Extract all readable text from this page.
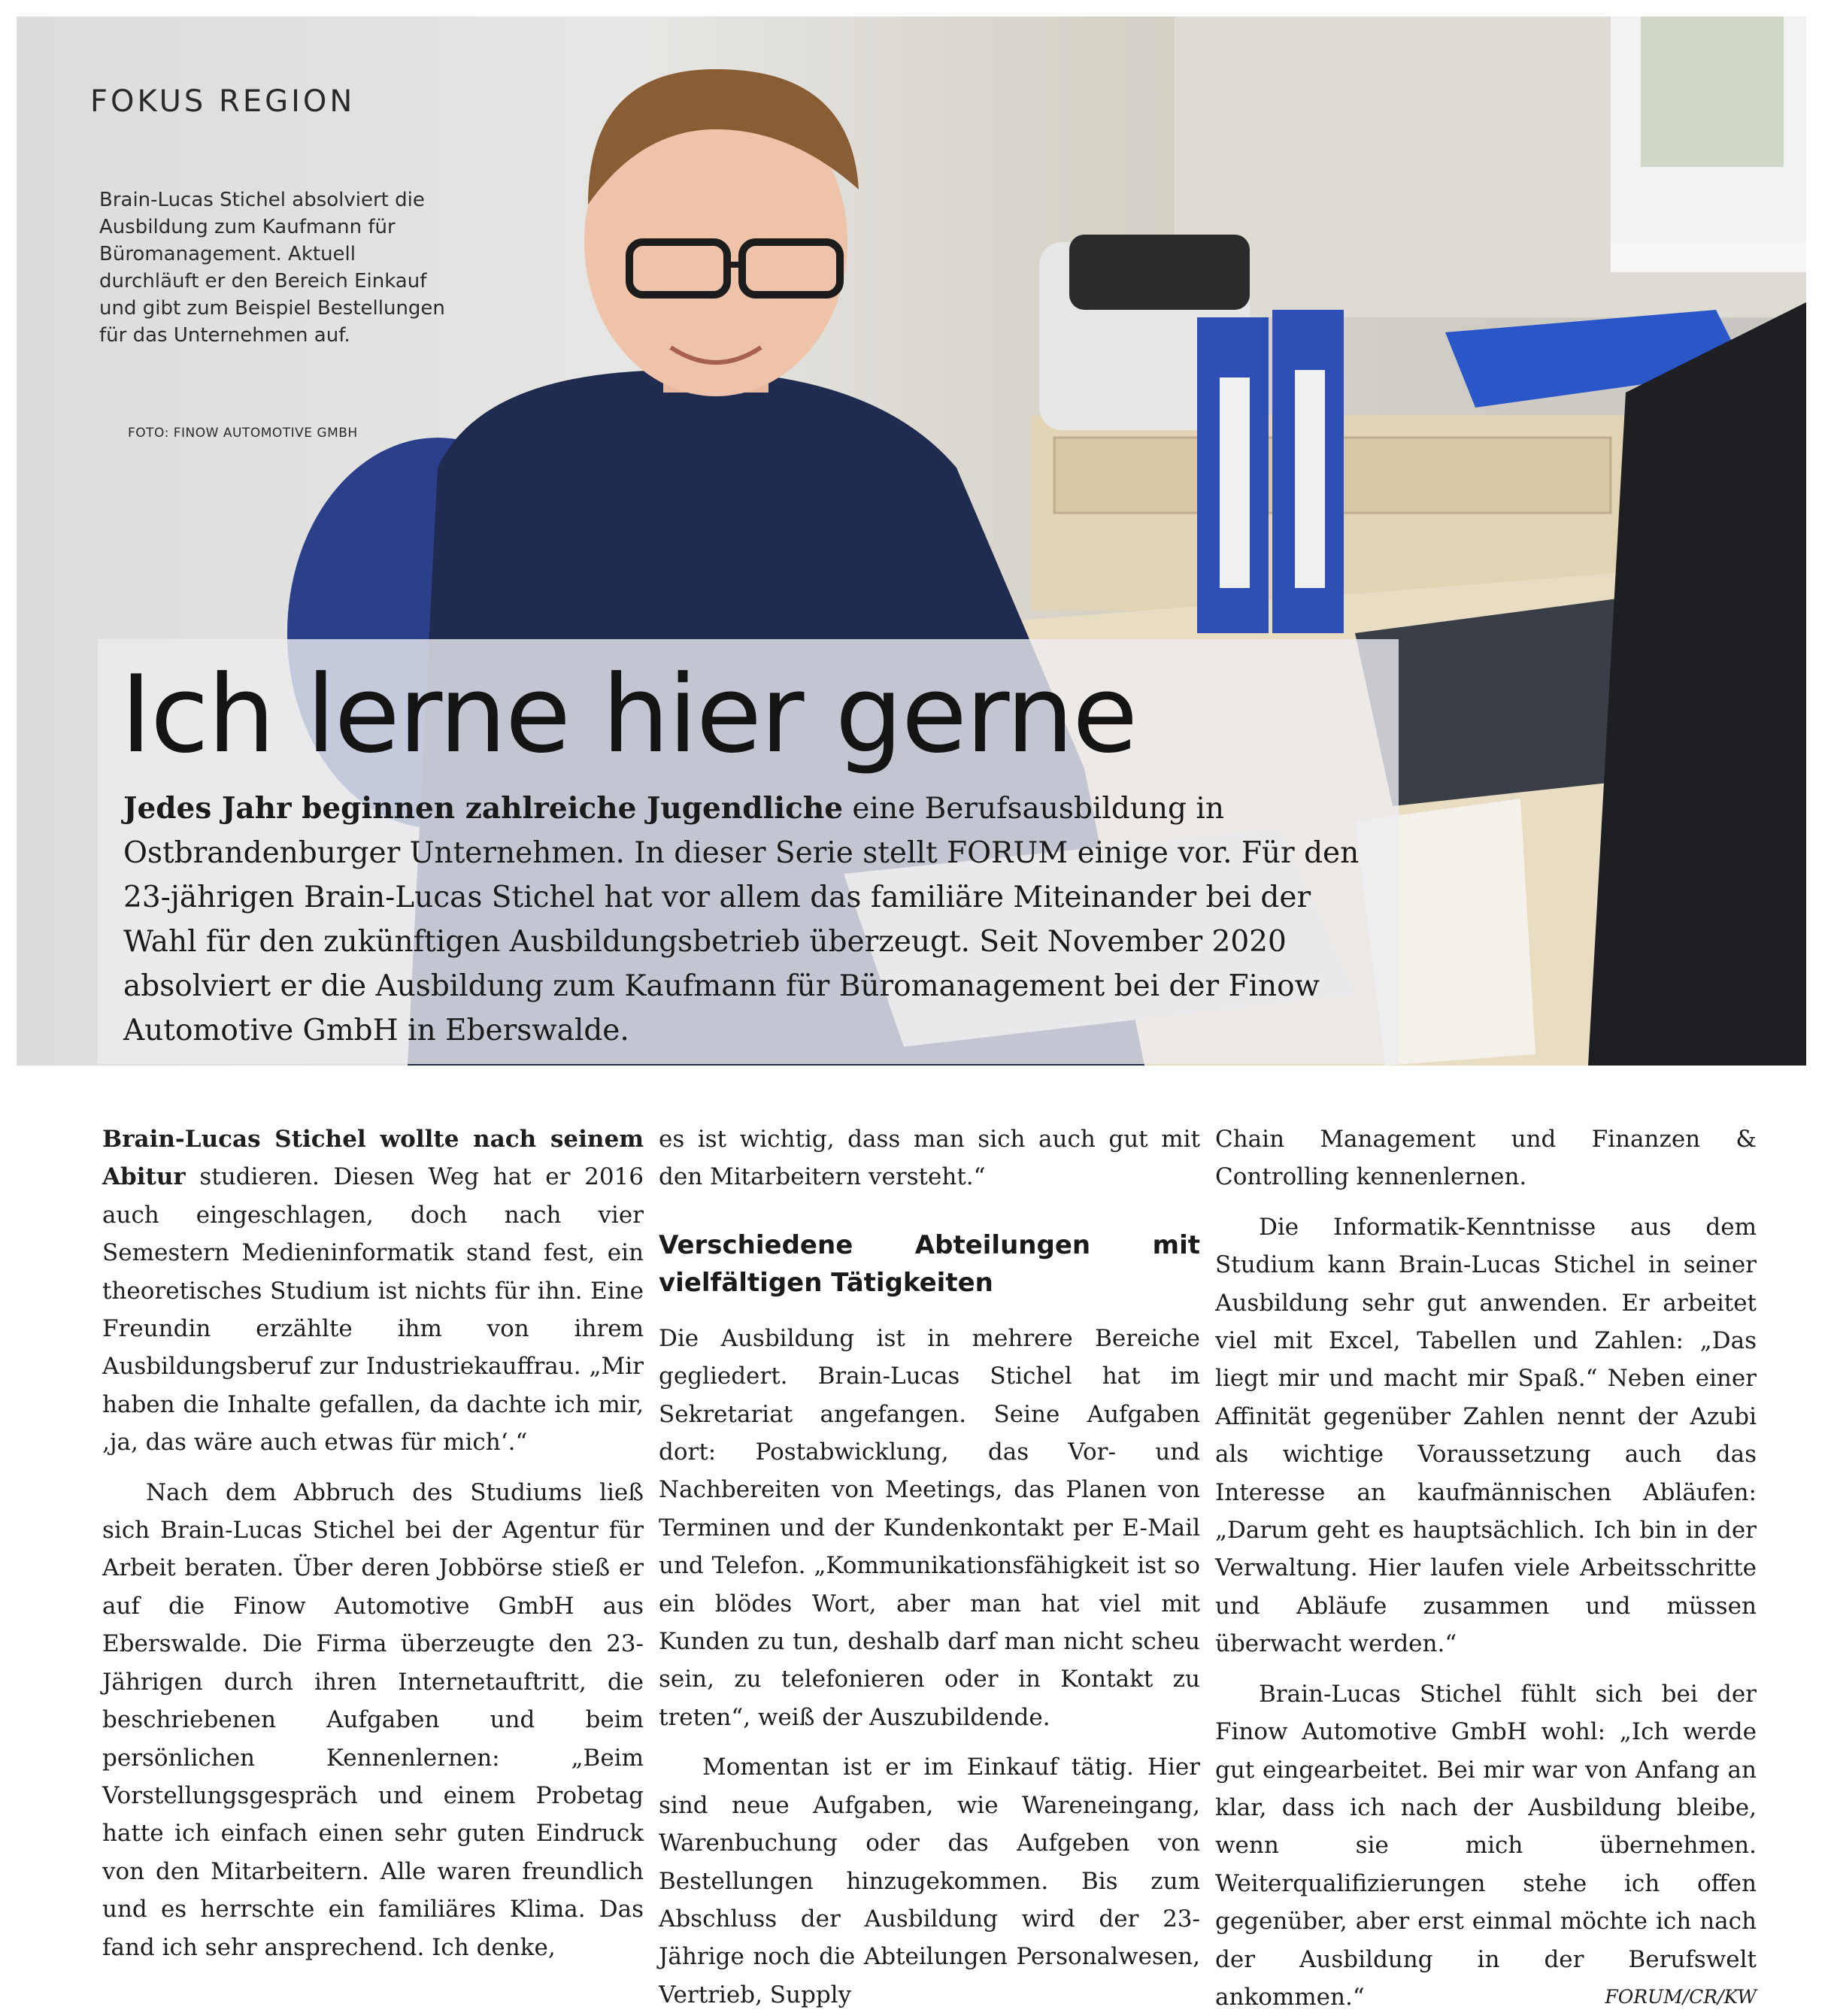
FOKUS REGION
Brain-Lucas Stichel absolviert die Ausbildung zum Kaufmann für Büromanagement. Aktuell durchläuft er den Bereich Einkauf und gibt zum Beispiel Bestellungen für das Unternehmen auf.
FOTO: FINOW AUTOMOTIVE GMBH
Ich lerne hier gerne
Jedes Jahr beginnen zahlreiche Jugendliche eine Berufsausbildung in Ostbrandenburger Unternehmen. In dieser Serie stellt FORUM einige vor. Für den 23-jährigen Brain-Lucas Stichel hat vor allem das familiäre Miteinander bei der Wahl für den zukünftigen Ausbildungsbetrieb überzeugt. Seit November 2020 absolviert er die Ausbildung zum Kaufmann für Büromanagement bei der Finow Automotive GmbH in Eberswalde.

Brain-Lucas Stichel wollte nach seinem Abitur studieren. Diesen Weg hat er 2016 auch eingeschlagen, doch nach vier Semestern Medieninformatik stand fest, ein theoretisches Studium ist nichts für ihn. Eine Freundin erzählte ihm von ihrem Ausbildungsberuf zur Industriekauffrau. „Mir haben die Inhalte gefallen, da dachte ich mir, ‚ja, das wäre auch etwas für mich‘.“

Nach dem Abbruch des Studiums ließ sich Brain-Lucas Stichel bei der Agentur für Arbeit beraten. Über deren Jobbörse stieß er auf die Finow Automotive GmbH aus Eberswalde. Die Firma überzeugte den 23-Jährigen durch ihren Internetauftritt, die beschriebenen Aufgaben und beim persönlichen Kennenlernen: „Beim Vorstellungsgespräch und einem Probetag hatte ich einfach einen sehr guten Eindruck von den Mitarbeitern. Alle waren freundlich und es herrschte ein familiäres Klima. Das fand ich sehr ansprechend. Ich denke,

es ist wichtig, dass man sich auch gut mit den Mitarbeitern versteht.“

Verschiedene Abteilungen mit vielfältigen Tätigkeiten

Die Ausbildung ist in mehrere Bereiche gegliedert. Brain-Lucas Stichel hat im Sekretariat angefangen. Seine Aufgaben dort: Postabwicklung, das Vor- und Nachbereiten von Meetings, das Planen von Terminen und der Kundenkontakt per E-Mail und Telefon. „Kommunikationsfähigkeit ist so ein blödes Wort, aber man hat viel mit Kunden zu tun, deshalb darf man nicht scheu sein, zu telefonieren oder in Kontakt zu treten“, weiß der Auszubildende.

Momentan ist er im Einkauf tätig. Hier sind neue Aufgaben, wie Wareneingang, Warenbuchung oder das Aufgeben von Bestellungen hinzugekommen. Bis zum Abschluss der Ausbildung wird der 23-Jährige noch die Abteilungen Personalwesen, Vertrieb, Supply

Chain Management und Finanzen & Controlling kennenlernen.

Die Informatik-Kenntnisse aus dem Studium kann Brain-Lucas Stichel in seiner Ausbildung sehr gut anwenden. Er arbeitet viel mit Excel, Tabellen und Zahlen: „Das liegt mir und macht mir Spaß.“ Neben einer Affinität gegenüber Zahlen nennt der Azubi als wichtige Voraussetzung auch das Interesse an kaufmännischen Abläufen: „Darum geht es hauptsächlich. Ich bin in der Verwaltung. Hier laufen viele Arbeitsschritte und Abläufe zusammen und müssen überwacht werden.“

Brain-Lucas Stichel fühlt sich bei der Finow Automotive GmbH wohl: „Ich werde gut eingearbeitet. Bei mir war von Anfang an klar, dass ich nach der Ausbildung bleibe, wenn sie mich übernehmen. Weiterqualifizierungen stehe ich offen gegenüber, aber erst einmal möchte ich nach der Ausbildung in der Berufswelt ankommen.“	FORUM/CR/KW
